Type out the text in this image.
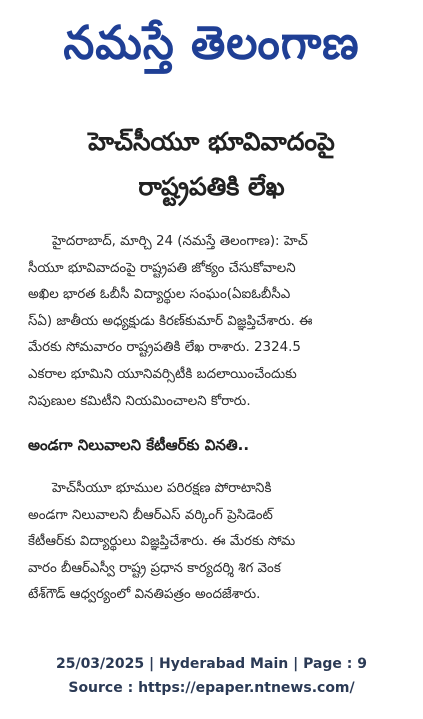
నమస్తే తెలంగాణ
హెచ్‌సీయూ భూవివాదంపై
రాష్ట్రపతికి లేఖ
హైదరాబాద్, మార్చి 24 (నమస్తే తెలంగాణ): హెచ్
సీయూ భూవివాదంపై రాష్ట్రపతి జోక్యం చేసుకోవాలని
అఖిల భారత ఓబీసీ విద్యార్థుల సంఘం(ఏఐఓబీసీఎ
స్‌ఏ) జాతీయ అధ్యక్షుడు కిరణ్‌కుమార్ విజ్ఞప్తిచేశారు. ఈ
మేరకు సోమవారం రాష్ట్రపతికి లేఖ రాశారు. 2324.5
ఎకరాల భూమిని యూనివర్సిటీకి బదలాయించేందుకు
నిపుణుల కమిటీని నియమించాలని కోరారు.
అండగా నిలువాలని కేటీఆర్‌కు వినతి..
హెచ్‌సీయూ భూముల పరిరక్షణ పోరాటానికి
అండగా నిలువాలని బీఆర్‌ఎస్ వర్కింగ్ ప్రెసిడెంట్
కేటీఆర్‌కు విద్యార్థులు విజ్ఞప్తిచేశారు. ఈ మేరకు సోమ
వారం బీఆర్‌ఎస్వీ రాష్ట్ర ప్రధాన కార్యదర్శి శిగ వెంక
టేశ్‌గౌడ్ ఆధ్వర్యంలో వినతిపత్రం అందజేశారు.
25/03/2025 | Hyderabad Main | Page : 9
Source : https://epaper.ntnews.com/
